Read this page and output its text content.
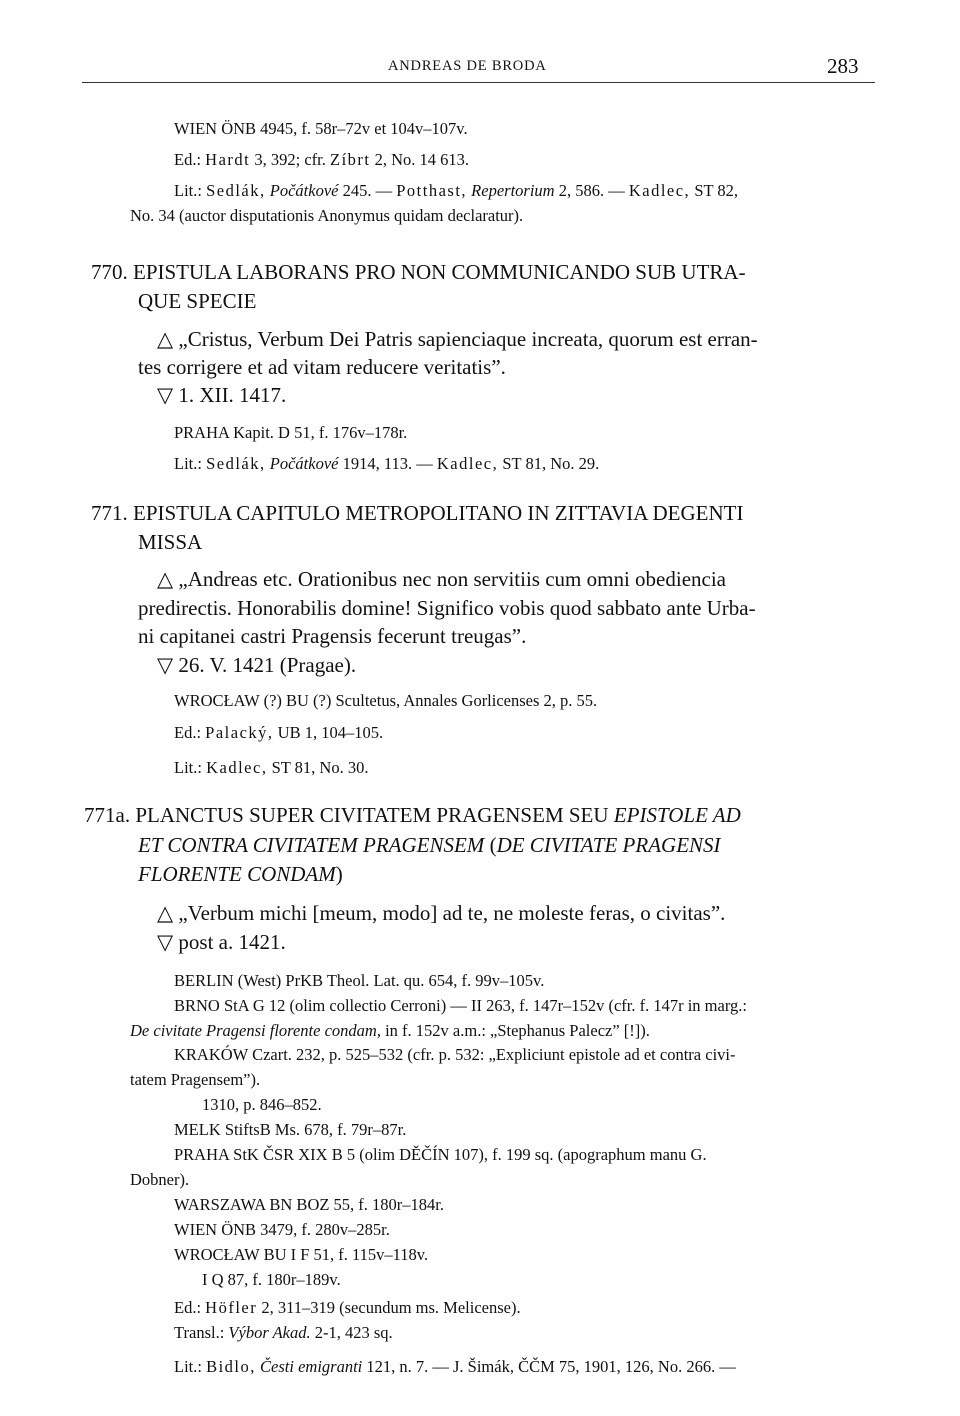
ANDREAS DE BRODA	283
WIEN ÖNB 4945, f. 58r–72v et 104v–107v.
Ed.: Hardt 3, 392; cfr. Zíbrt 2, No. 14 613.
Lit.: Sedlák, Počátkové 245. — Potthast, Repertorium 2, 586. — Kadlec, ST 82,
No. 34 (auctor disputationis Anonymus quidam declaratur).
770. EPISTULA LABORANS PRO NON COMMUNICANDO SUB UTRA-
QUE SPECIE
△ „Cristus, Verbum Dei Patris sapienciaque increata, quorum est erran-
tes corrigere et ad vitam reducere veritatis”.
▽ 1. XII. 1417.
PRAHA Kapit. D 51, f. 176v–178r.
Lit.: Sedlák, Počátkové 1914, 113. — Kadlec, ST 81, No. 29.
771. EPISTULA CAPITULO METROPOLITANO IN ZITTAVIA DEGENTI
MISSA
△ „Andreas etc. Orationibus nec non servitiis cum omni obediencia
predirectis. Honorabilis domine! Significo vobis quod sabbato ante Urba-
ni capitanei castri Pragensis fecerunt treugas”.
▽ 26. V. 1421 (Pragae).
WROCŁAW (?) BU (?) Scultetus, Annales Gorlicenses 2, p. 55.
Ed.: Palacký, UB 1, 104–105.
Lit.: Kadlec, ST 81, No. 30.
771a. PLANCTUS SUPER CIVITATEM PRAGENSEM SEU EPISTOLE AD
ET CONTRA CIVITATEM PRAGENSEM (DE CIVITATE PRAGENSI
FLORENTE CONDAM)
△ „Verbum michi [meum, modo] ad te, ne moleste feras, o civitas”.
▽ post a. 1421.
BERLIN (West) PrKB Theol. Lat. qu. 654, f. 99v–105v.
BRNO StA G 12 (olim collectio Cerroni) — II 263, f. 147r–152v (cfr. f. 147r in marg.:
De civitate Pragensi florente condam, in f. 152v a.m.: „Stephanus Palecz” [!]).
KRAKÓW Czart. 232, p. 525–532 (cfr. p. 532: „Expliciunt epistole ad et contra civi-
tatem Pragensem”).
1310, p. 846–852.
MELK StiftsB Ms. 678, f. 79r–87r.
PRAHA StK ČSR XIX B 5 (olim DĚČÍN 107), f. 199 sq. (apographum manu G.
Dobner).
WARSZAWA BN BOZ 55, f. 180r–184r.
WIEN ÖNB 3479, f. 280v–285r.
WROCŁAW BU I F 51, f. 115v–118v.
I Q 87, f. 180r–189v.
Ed.: Höfler 2, 311–319 (secundum ms. Melicense).
Transl.: Výbor Akad. 2-1, 423 sq.
Lit.: Bidlo, Česti emigranti 121, n. 7. — J. Šimák, ČČM 75, 1901, 126, No. 266. —
